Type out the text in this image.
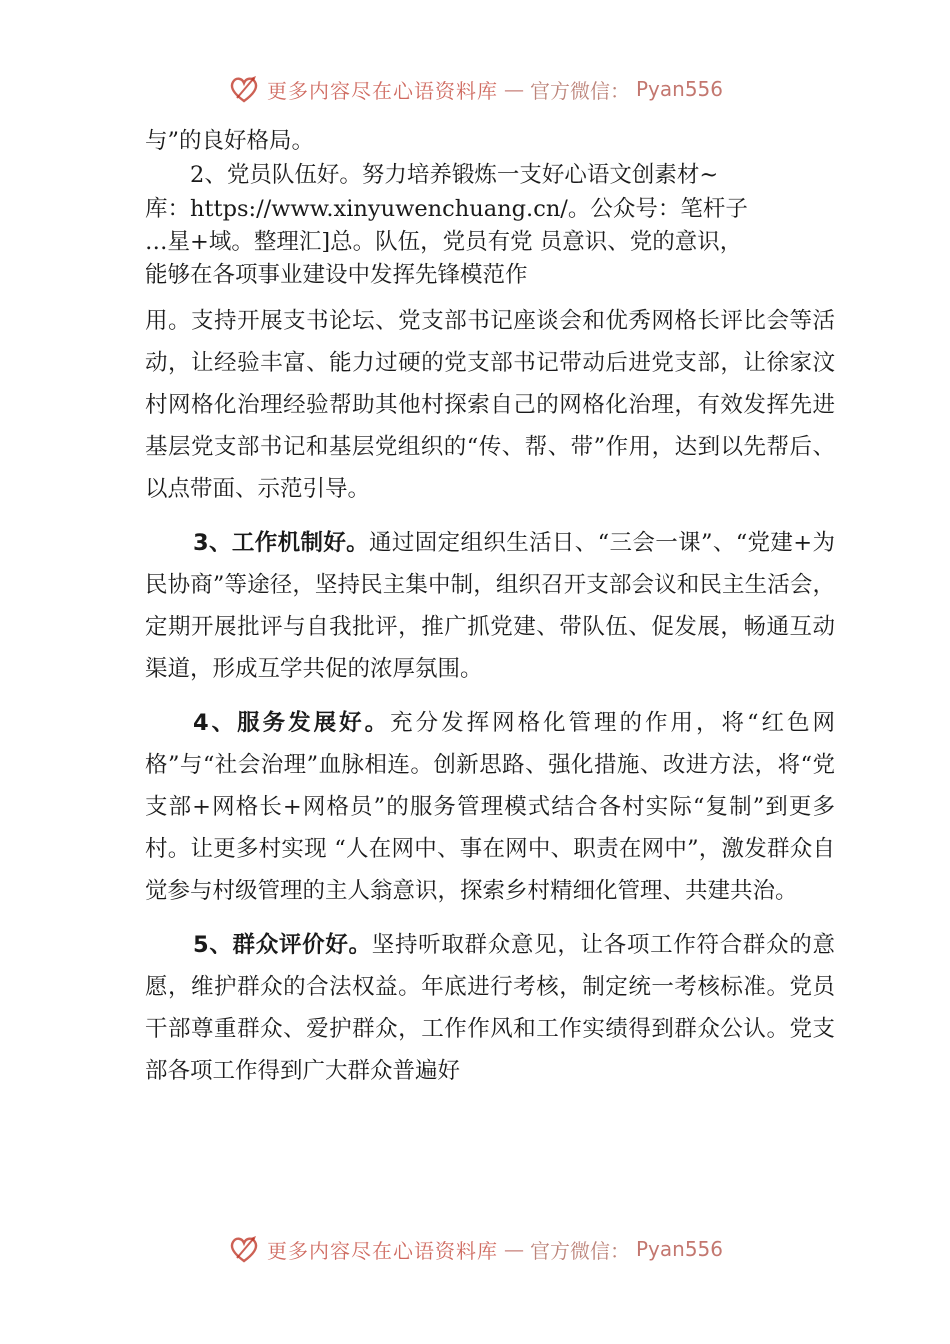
更多内容尽在心语资料库 — 官方微信： Pyan556
与”的良好格局。
　　2、党员队伍好。努力培养锻炼一支好心语文创素材~
库：https://www.xinyuwenchuang.cn/。公众号：笔杆子
…星+域。整理汇]总。队伍，党员有党 员意识、党的意识，
能够在各项事业建设中发挥先锋模范作

用。支持开展支书论坛、党支部书记座谈会和优秀网格长评比会等活动，让经验丰富、能力过硬的党支部书记带动后进党支部，让徐家汶村网格化治理经验帮助其他村探索自己的网格化治理，有效发挥先进基层党支部书记和基层党组织的“传、帮、带”作用，达到以先帮后、以点带面、示范引导。

3、工作机制好。通过固定组织生活日、“三会一课”、“党建+为民协商”等途径，坚持民主集中制，组织召开支部会议和民主生活会，定期开展批评与自我批评，推广抓党建、带队伍、促发展，畅通互动渠道，形成互学共促的浓厚氛围。

4、服务发展好。充分发挥网格化管理的作用，将“红色网格”与“社会治理”血脉相连。创新思路、强化措施、改进方法，将“党支部+网格长+网格员”的服务管理模式结合各村实际“复制”到更多村。让更多村实现 “人在网中、事在网中、职责在网中”，激发群众自觉参与村级管理的主人翁意识，探索乡村精细化管理、共建共治。

5、群众评价好。坚持听取群众意见，让各项工作符合群众的意愿，维护群众的合法权益。年底进行考核，制定统一考核标准。党员干部尊重群众、爱护群众，工作作风和工作实绩得到群众公认。党支部各项工作得到广大群众普遍好

更多内容尽在心语资料库 — 官方微信： Pyan556
